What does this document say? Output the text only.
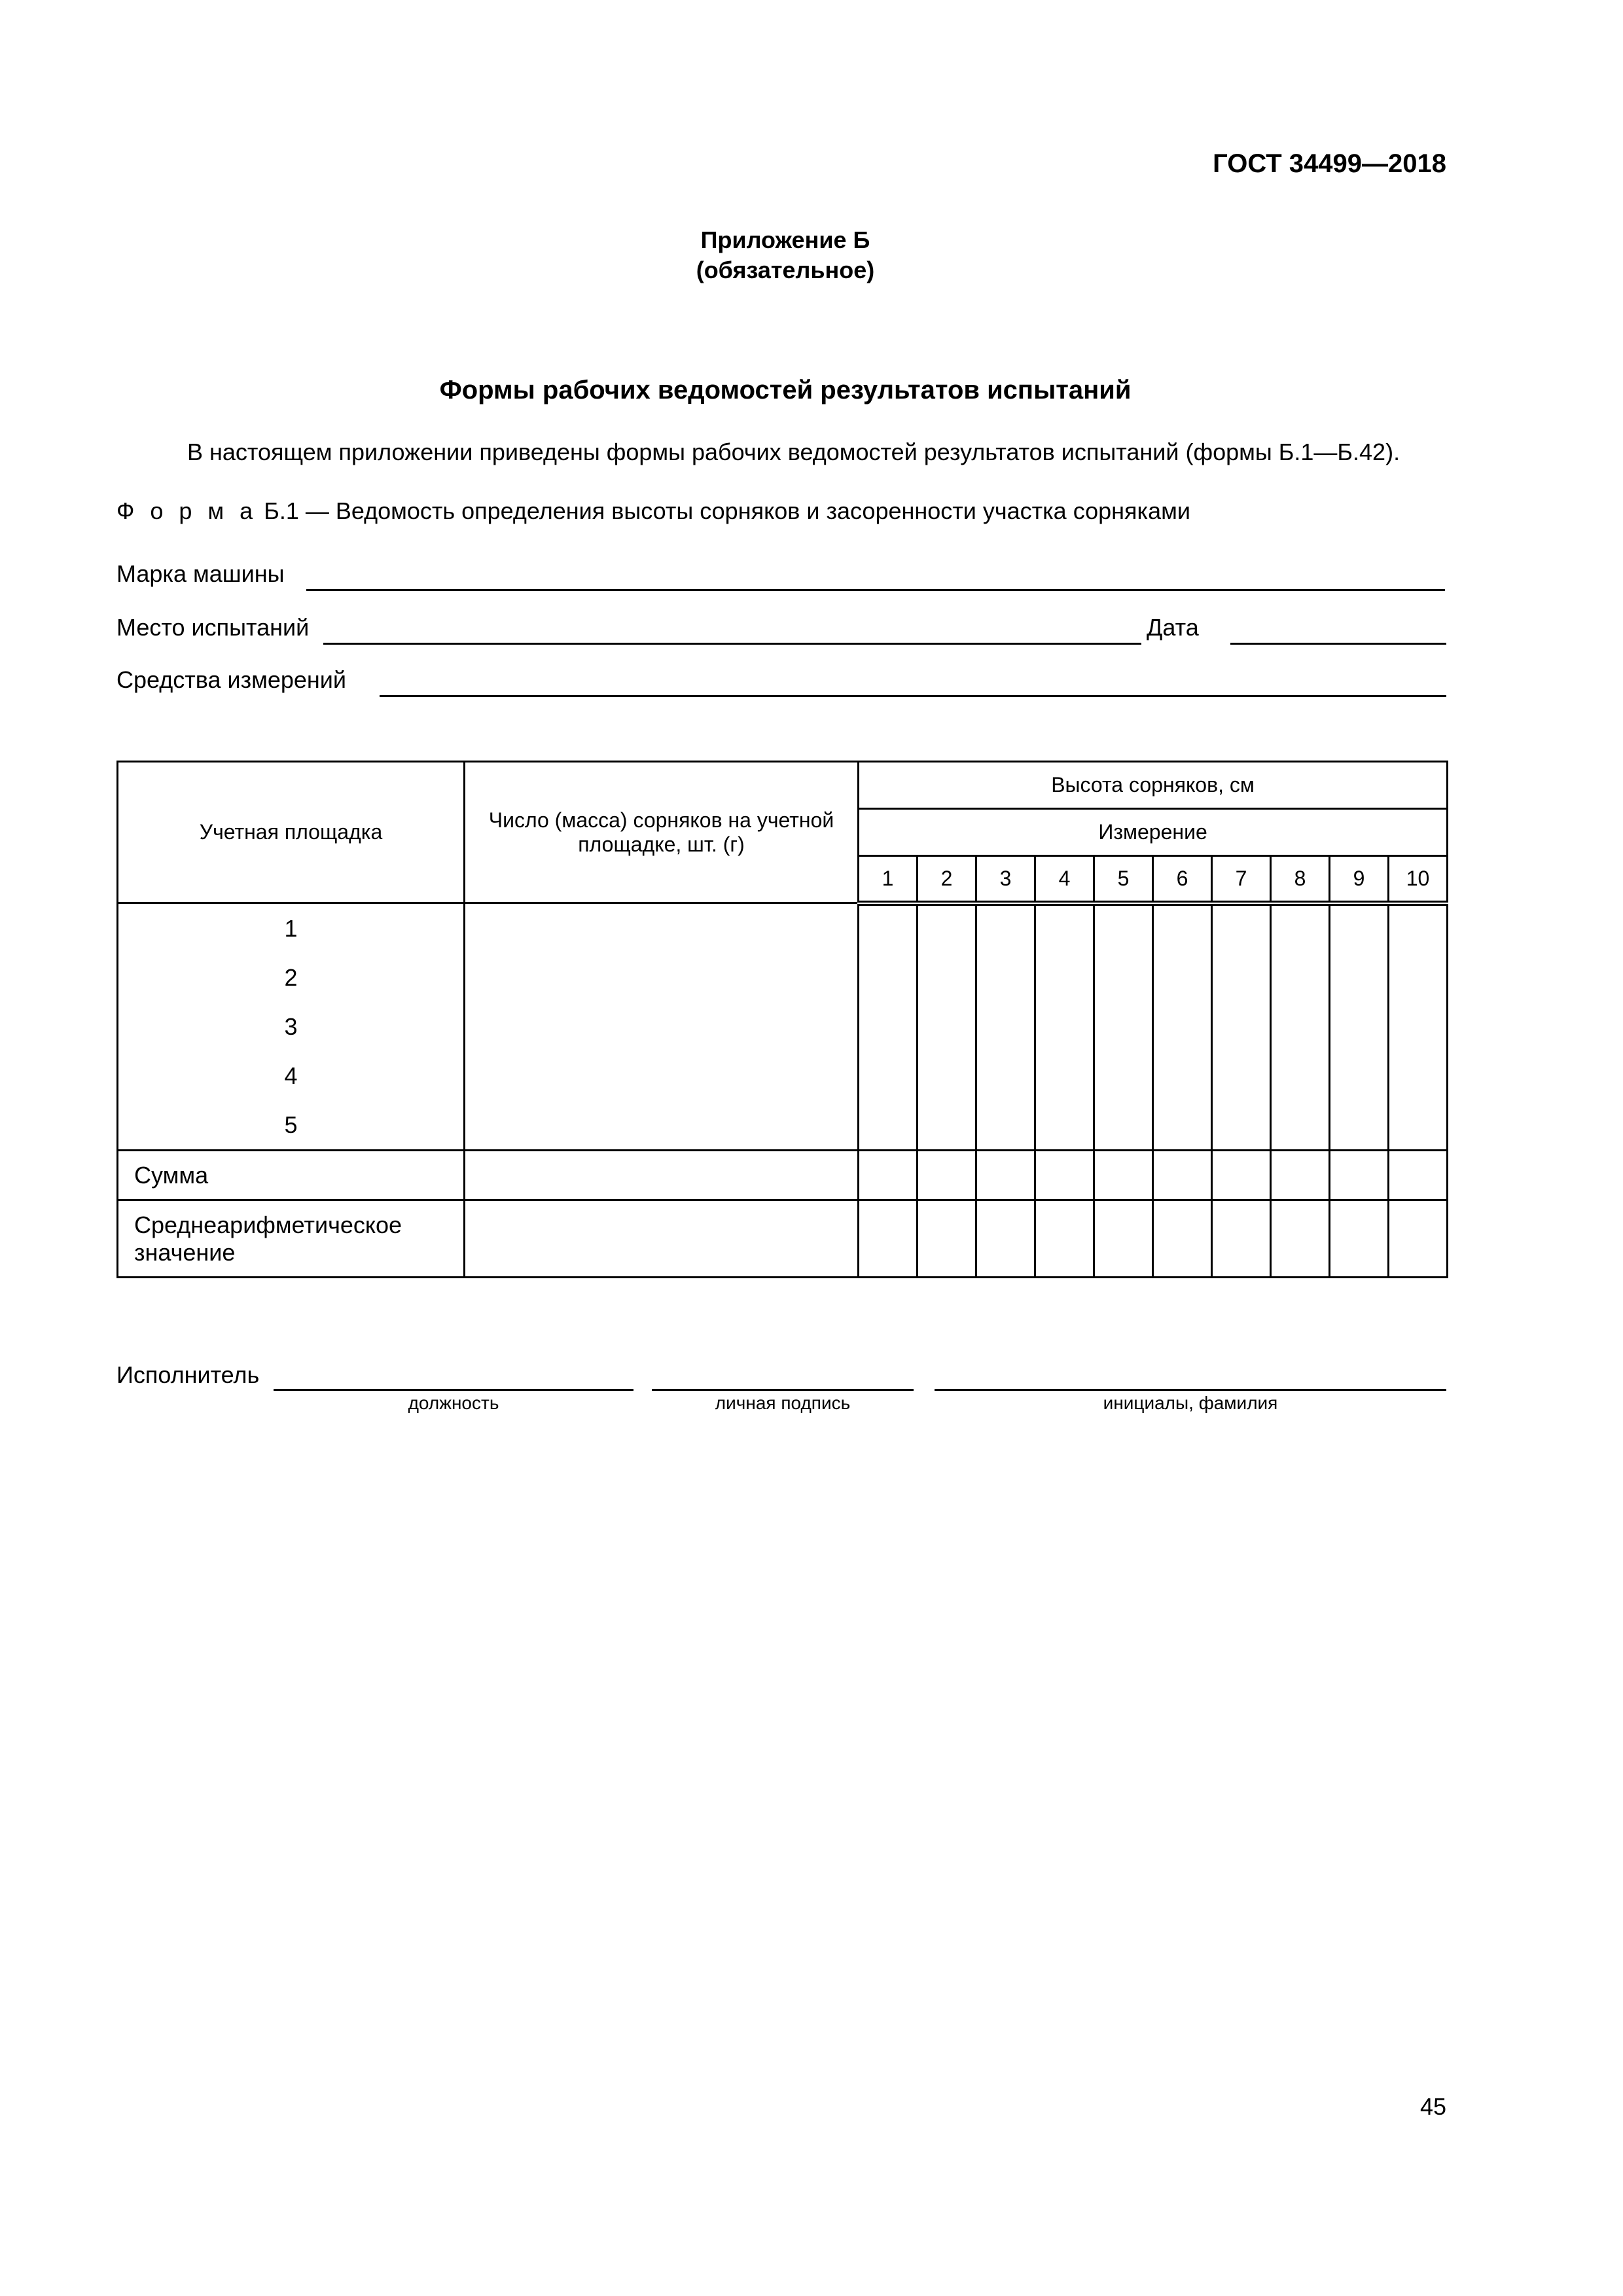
ГОСТ 34499—2018
Приложение Б
(обязательное)
Формы рабочих ведомостей результатов испытаний
В настоящем приложении приведены формы рабочих ведомостей результатов испытаний (формы Б.1—Б.42).
Ф о р м а Б.1 — Ведомость определения высоты сорняков и засоренности участка сорняками
Марка машины
Место испытаний	Дата
Средства измерений
Учетная площадка	Число (масса) сорняков на учетной площадке, шт. (г)	Высота сорняков, см									
		Измерение									
		1	2	3	4	5	6	7	8	9	10

1
2
3
4
5											

Сумма											
Среднеарифметическое значение											
Исполнитель
должность	личная подпись	инициалы, фамилия
45
